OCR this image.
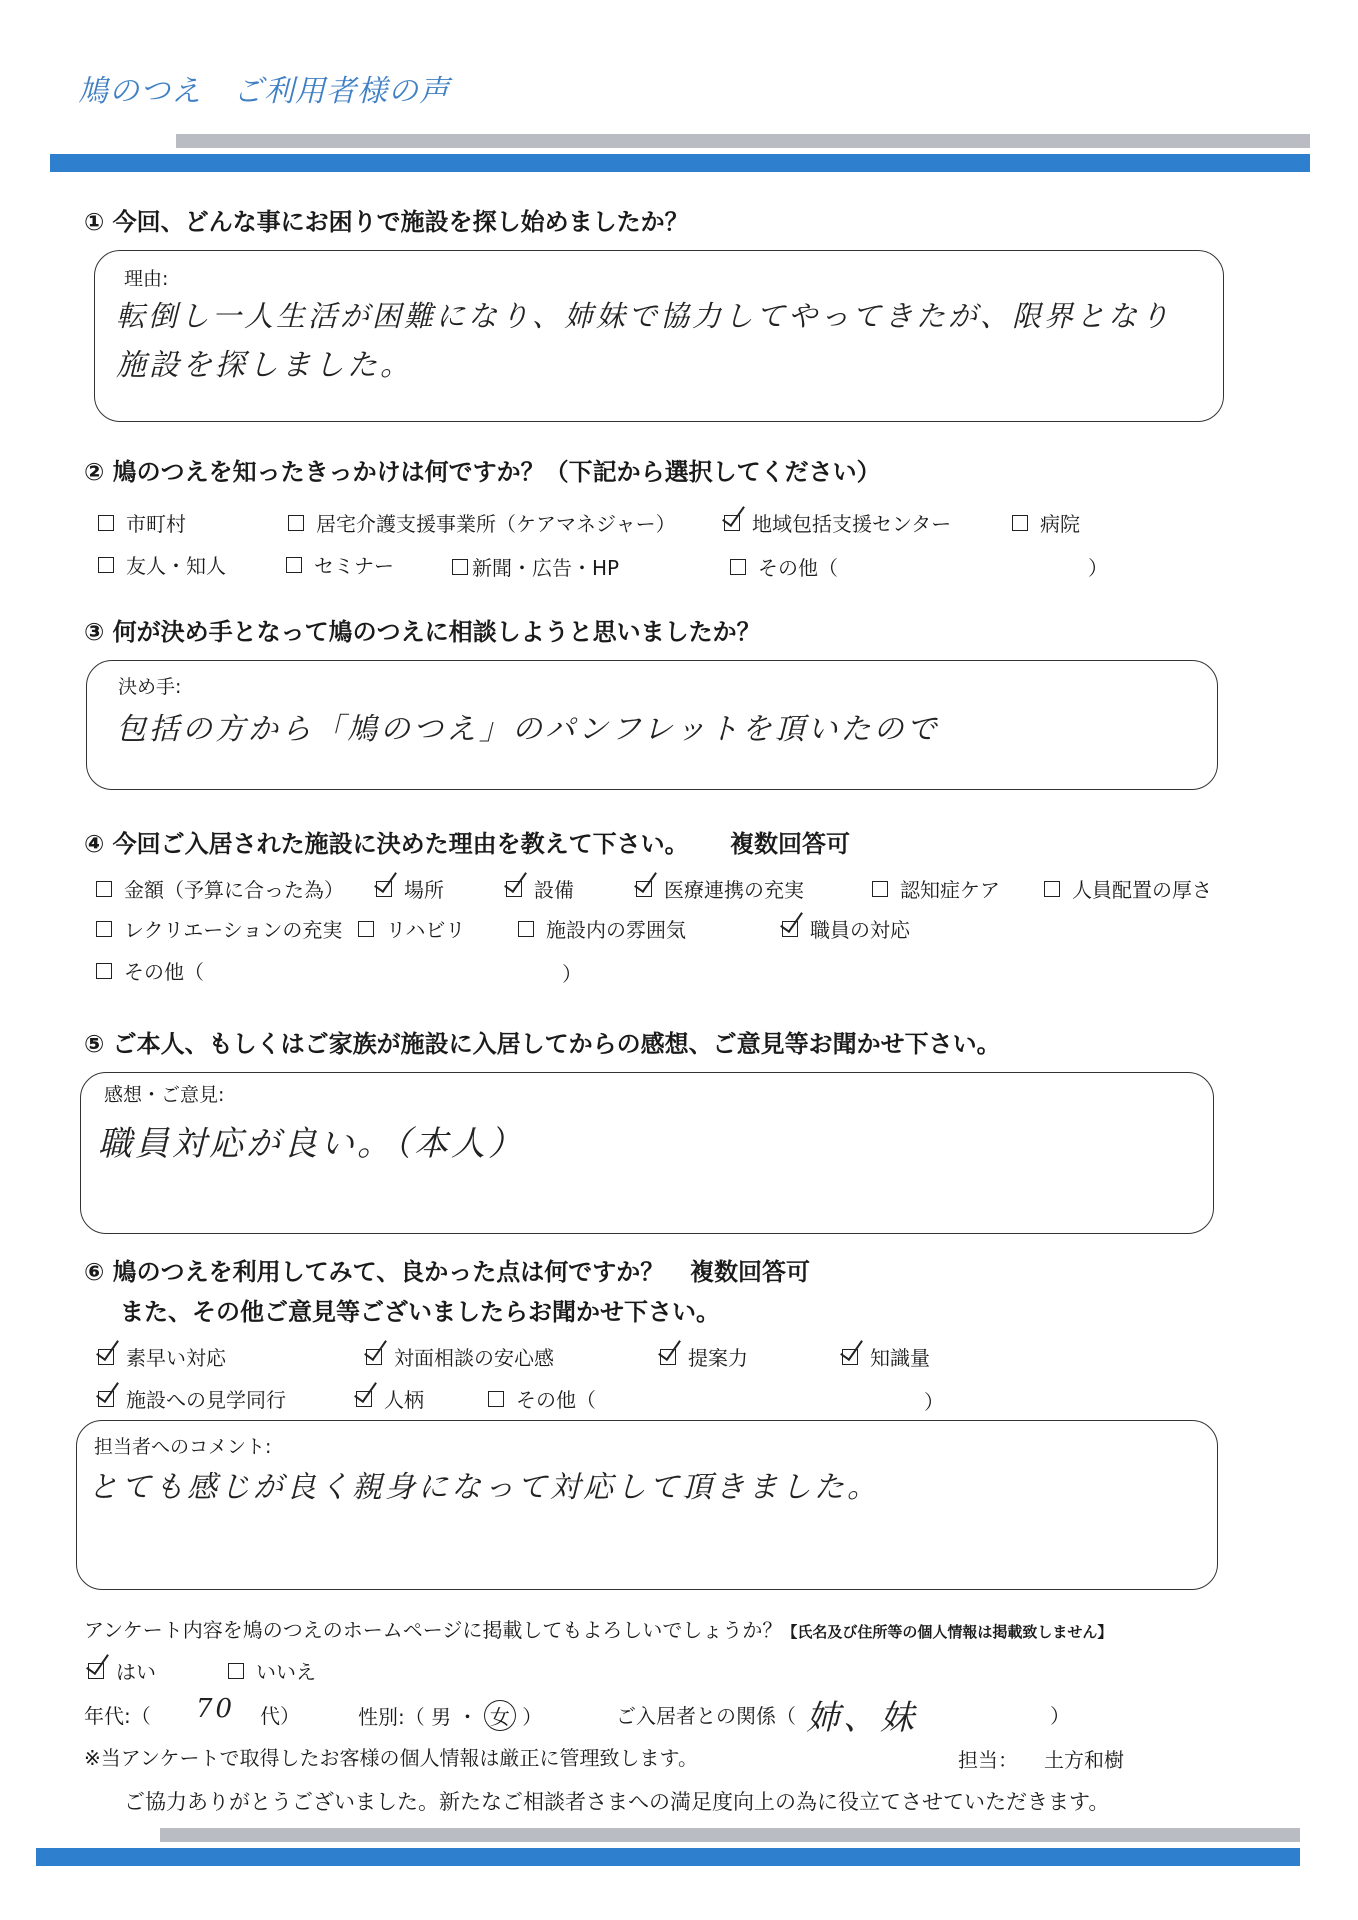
鳩のつえ　ご利用者様の声
① 今回、どんな事にお困りで施設を探し始めましたか？
理由:
転倒し一人生活が困難になり、姉妹で協力してやってきたが、限界となり
施設を探しました。
② 鳩のつえを知ったきっかけは何ですか？（下記から選択してください）
市町村	居宅介護支援事業所（ケアマネジャー）	地域包括支援センター	病院
友人・知人	セミナー	新聞・広告・HP	その他（	）
③ 何が決め手となって鳩のつえに相談しようと思いましたか？
決め手:
包括の方から「鳩のつえ」のパンフレットを頂いたので
④ 今回ご入居された施設に決めた理由を教えて下さい。 複数回答可
金額（予算に合った為）	場所	設備	医療連携の充実	認知症ケア	人員配置の厚さ
レクリエーションの充実 リハビリ	施設内の雰囲気	職員の対応
その他（	）
⑤ ご本人、もしくはご家族が施設に入居してからの感想、ご意見等お聞かせ下さい。
感想・ご意見:
職員対応が良い。（本人）
⑥ 鳩のつえを利用してみて、良かった点は何ですか？ 複数回答可
また、その他ご意見等ございましたらお聞かせ下さい。
素早い対応	対面相談の安心感	提案力	知識量
施設への見学同行	人柄	その他（	）
担当者へのコメント:
とても感じが良く親身になって対応して頂きました。
アンケート内容を鳩のつえのホームページに掲載してもよろしいでしょうか？【氏名及び住所等の個人情報は掲載致しません】
はい	いいえ
年代:（ 70 代）	性別:（ 男 ・ 女 ）	ご入居者との関係（ 姉、妹	）
※当アンケートで取得したお客様の個人情報は厳正に管理致します。	担当： 土方和樹
ご協力ありがとうございました。新たなご相談者さまへの満足度向上の為に役立てさせていただきます。
